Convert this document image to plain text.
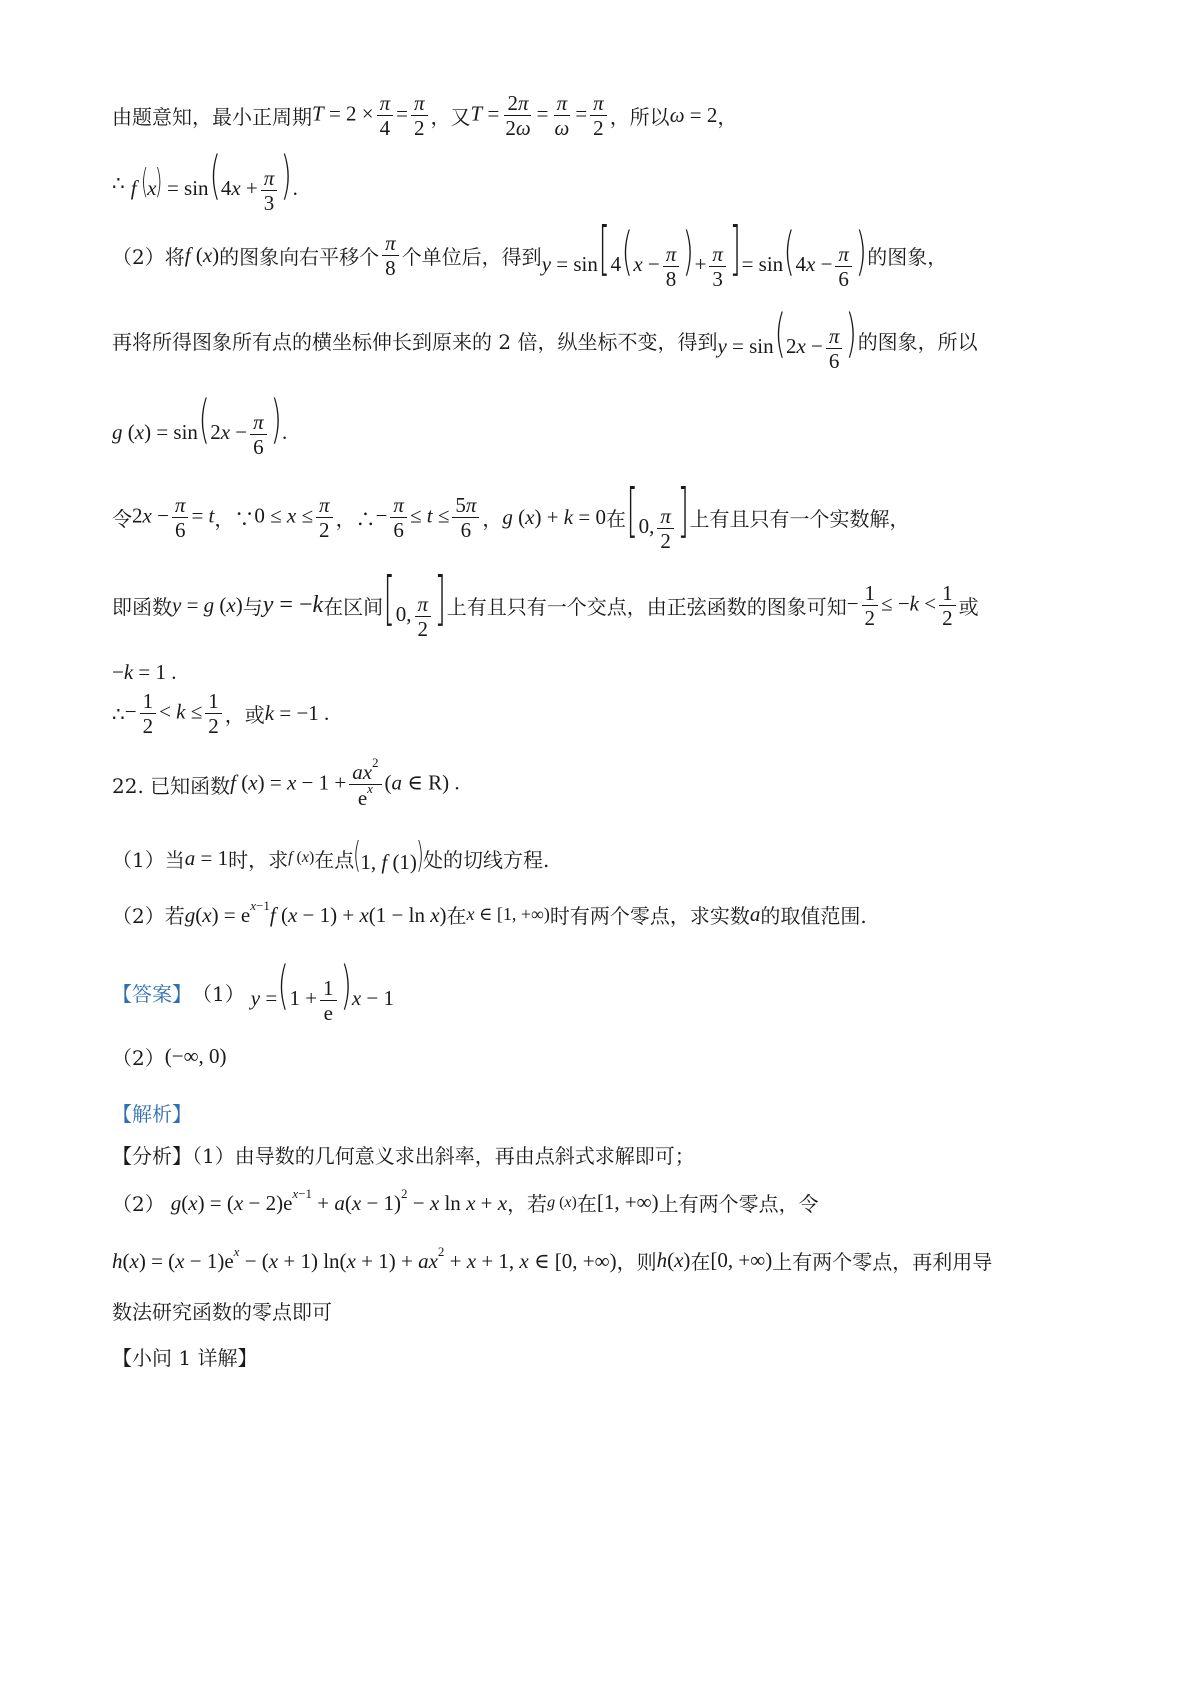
由题意知，最小正周期 $T = 2 \times \frac{\pi}{4} = \frac{\pi}{2}$ ，又 $T = \frac{2\pi}{2\omega} = \frac{\pi}{\omega} = \frac{\pi}{2}$ ，所以 ω = 2 ，
∴ f $(x) = \sin(4x + \frac{\pi}{3}$ ).
（2）将 f (x) 的图象向右平移个 $\frac{\pi}{8}$ 个单位后，得到 $y = \sin[4(x - \frac{\pi}{8}$ )+ $\frac{\pi}{3}$ ]= $\sin(4x - \frac{\pi}{6}$ ) 的图象，
再将所得图象所有点的横坐标伸长到原来的 2 倍，纵坐标不变，得到 $y = \sin(2x - \frac{\pi}{6}$ ) 的图象，所以
g $(x) = \sin(2x - \frac{\pi}{6}$ ).
令 $2x - \frac{\pi}{6} = t$ ，∵ $0 \le x \le \frac{\pi}{2}$ ，∴ − $\frac{\pi}{6} \le t \le \frac{5\pi}{6}$ ， g (x) + k = 0 在 [0, $\frac{\pi}{2}$ ] 上有且只有一个实数解，
即函数 y = g (x) 与 y = −k 在区间 [0, $\frac{\pi}{2}$ ] 上有且只有一个交点，由正弦函数的图象可知 − $\frac{1}{2} \le -k < \frac{1}{2}$ 或
−k = 1 .
∴ − $\frac{1}{2} < k \le \frac{1}{2}$ ，或 k = −1 .
22. 已知函数 f $(x) = x - 1 + \frac{ax^2}{e^x} (a$ ∈ R) .
（1）当 a = 1 时，求 f (x) 在点 (1, f (1)) 处的切线方程.
（2）若 $g(x) = e^{x-1}f$ (x − 1) + x(1 − ln x) 在 x ∈ [1, +∞) 时有两个零点，求实数 a 的取值范围.
【答案】 （1） $y =(1 + \frac{1}{e} )x - 1$
（2） (−∞, 0)
【解析】
【分析】（1）由导数的几何意义求出斜率，再由点斜式求解即可；
（2） $g(x) = (x - 2)e^{x-1} + a(x - 1)^2 - x$ ln x + x ，若 g (x) 在 [1, +∞) 上有两个零点，令
$h(x) = (x - 1)e^x - (x + 1)$ $\ln(x + 1) + ax^2 + x + 1$, x ∈ [0, +∞) ，则 h(x) 在 [0, +∞) 上有两个零点，再利用导
数法研究函数的零点即可
【小问 1 详解】
